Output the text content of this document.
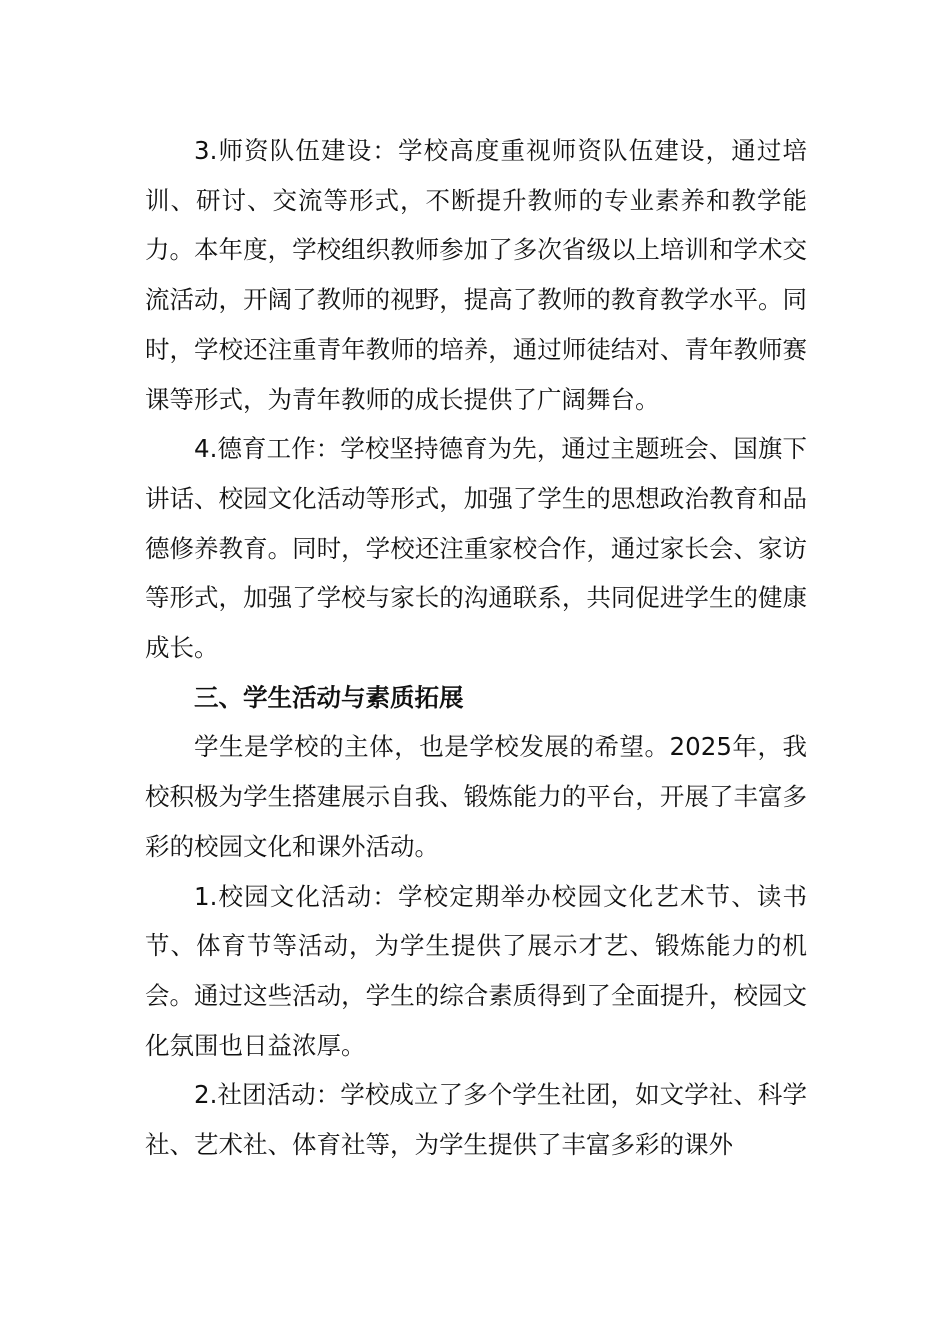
3.师资队伍建设：学校高度重视师资队伍建设，通过培训、研讨、交流等形式，不断提升教师的专业素养和教学能力。本年度，学校组织教师参加了多次省级以上培训和学术交流活动，开阔了教师的视野，提高了教师的教育教学水平。同时，学校还注重青年教师的培养，通过师徒结对、青年教师赛课等形式，为青年教师的成长提供了广阔舞台。

4.德育工作：学校坚持德育为先，通过主题班会、国旗下讲话、校园文化活动等形式，加强了学生的思想政治教育和品德修养教育。同时，学校还注重家校合作，通过家长会、家访等形式，加强了学校与家长的沟通联系，共同促进学生的健康成长。

三、学生活动与素质拓展

学生是学校的主体，也是学校发展的希望。2025年，我校积极为学生搭建展示自我、锻炼能力的平台，开展了丰富多彩的校园文化和课外活动。

1.校园文化活动：学校定期举办校园文化艺术节、读书节、体育节等活动，为学生提供了展示才艺、锻炼能力的机会。通过这些活动，学生的综合素质得到了全面提升，校园文化氛围也日益浓厚。

2.社团活动：学校成立了多个学生社团，如文学社、科学社、艺术社、体育社等，为学生提供了丰富多彩的课外
